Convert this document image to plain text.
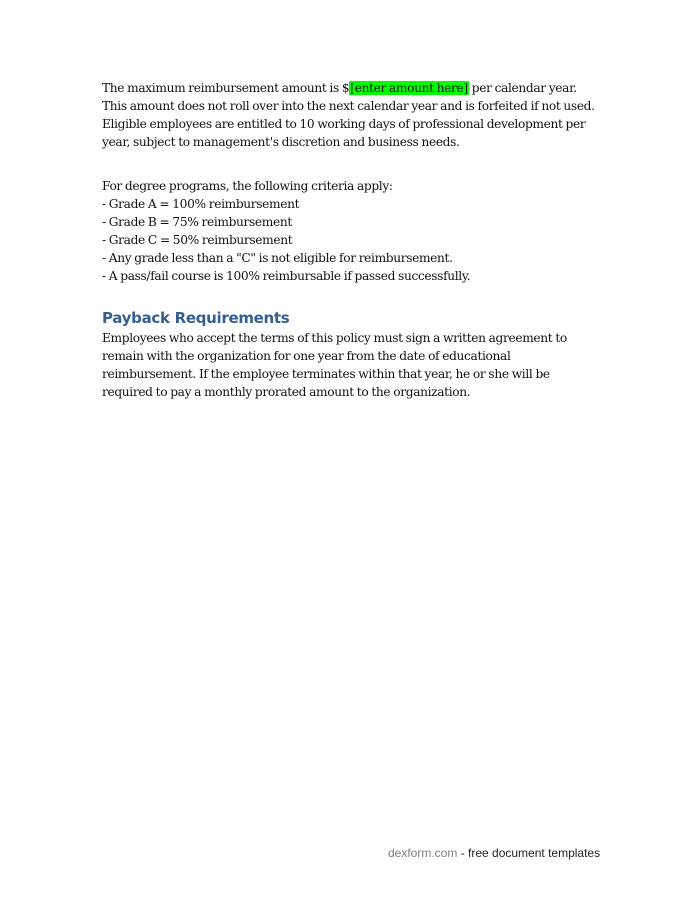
The maximum reimbursement amount is $[enter amount here] per calendar year. This amount does not roll over into the next calendar year and is forfeited if not used. Eligible employees are entitled to 10 working days of professional development per year, subject to management's discretion and business needs.
For degree programs, the following criteria apply:
- Grade A = 100% reimbursement
- Grade B = 75% reimbursement
- Grade C = 50% reimbursement
- Any grade less than a "C" is not eligible for reimbursement.
- A pass/fail course is 100% reimbursable if passed successfully.
Payback Requirements
Employees who accept the terms of this policy must sign a written agreement to remain with the organization for one year from the date of educational reimbursement. If the employee terminates within that year, he or she will be required to pay a monthly prorated amount to the organization.
dexform.com - free document templates
